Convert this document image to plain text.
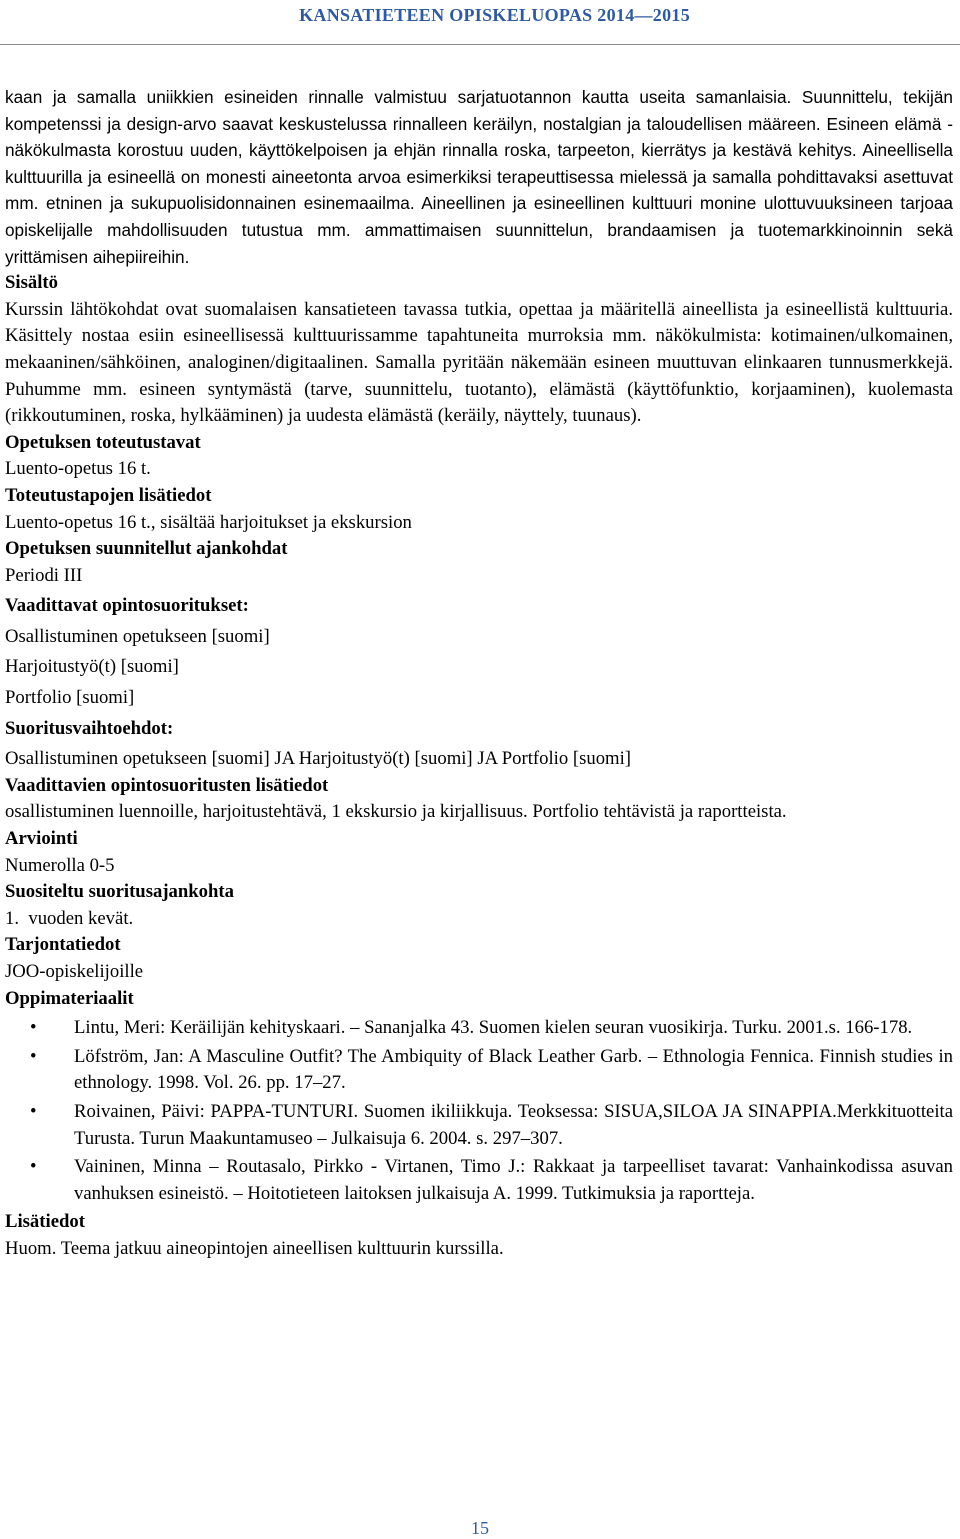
KANSATIETEEN OPISKELUOPAS 2014—2015

kaan ja samalla uniikkien esineiden rinnalle valmistuu sarjatuotannon kautta useita samanlaisia. Suunnittelu, tekijän kompetenssi ja design-arvo saavat keskustelussa rinnalleen keräilyn, nostalgian ja taloudellisen määreen. Esineen elämä -näkökulmasta korostuu uuden, käyttökelpoisen ja ehjän rinnalla roska, tarpeeton, kierrätys ja kestävä kehitys. Aineellisella kulttuurilla ja esineellä on monesti aineetonta arvoa esimerkiksi terapeuttisessa mielessä ja samalla pohdittavaksi asettuvat mm. etninen ja sukupuolisidonnainen esinemaailma. Aineellinen ja esineellinen kulttuuri monine ulottuvuuksineen tarjoaa opiskelijalle mahdollisuuden tutustua mm. ammattimaisen suunnittelun, brandaamisen ja tuotemarkkinoinnin sekä yrittämisen aihepiireihin.

Sisältö

Kurssin lähtökohdat ovat suomalaisen kansatieteen tavassa tutkia, opettaa ja määritellä aineellista ja esineellistä kulttuuria. Käsittely nostaa esiin esineellisessä kulttuurissamme tapahtuneita murroksia mm. näkökulmista: kotimainen/ulkomainen, mekaaninen/sähköinen, analoginen/digitaalinen. Samalla pyritään näkemään esineen muuttuvan elinkaaren tunnusmerkkejä. Puhumme mm. esineen syntymästä (tarve, suunnittelu, tuotanto), elämästä (käyttöfunktio, korjaaminen), kuolemasta (rikkoutuminen, roska, hylkääminen) ja uudesta elämästä (keräily, näyttely, tuunaus).

Opetuksen toteutustavat

Luento-opetus 16 t.

Toteutustapojen lisätiedot

Luento-opetus 16 t., sisältää harjoitukset ja ekskursion

Opetuksen suunnitellut ajankohdat

Periodi III

Vaadittavat opintosuoritukset:

Osallistuminen opetukseen [suomi]

Harjoitustyö(t) [suomi]

Portfolio [suomi]

Suoritusvaihtoehdot:

Osallistuminen opetukseen [suomi] JA Harjoitustyö(t) [suomi] JA Portfolio [suomi]

Vaadittavien opintosuoritusten lisätiedot

osallistuminen luennoille, harjoitustehtävä, 1 ekskursio ja kirjallisuus. Portfolio tehtävistä ja raportteista.

Arviointi

Numerolla 0-5

Suositeltu suoritusajankohta

1.  vuoden kevät.

Tarjontatiedot

JOO-opiskelijoille

Oppimateriaalit

• Lintu, Meri: Keräilijän kehityskaari. – Sananjalka 43. Suomen kielen seuran vuosikirja. Turku. 2001.s. 166-178.
• Löfström, Jan: A Masculine Outfit? The Ambiquity of Black Leather Garb. – Ethnologia Fennica. Finnish studies in ethnology. 1998. Vol. 26. pp. 17–27.
• Roivainen, Päivi: PAPPA-TUNTURI. Suomen ikiliikkuja. Teoksessa: SISUA,SILOA JA SINAPPIA.Merkkituotteita Turusta. Turun Maakuntamuseo – Julkaisuja 6. 2004. s. 297–307.
• Vaininen, Minna – Routasalo, Pirkko - Virtanen, Timo J.: Rakkaat ja tarpeelliset tavarat: Vanhainkodissa asuvan vanhuksen esineistö. – Hoitotieteen laitoksen julkaisuja A. 1999. Tutkimuksia ja raportteja.

Lisätiedot

Huom. Teema jatkuu aineopintojen aineellisen kulttuurin kurssilla.

15
